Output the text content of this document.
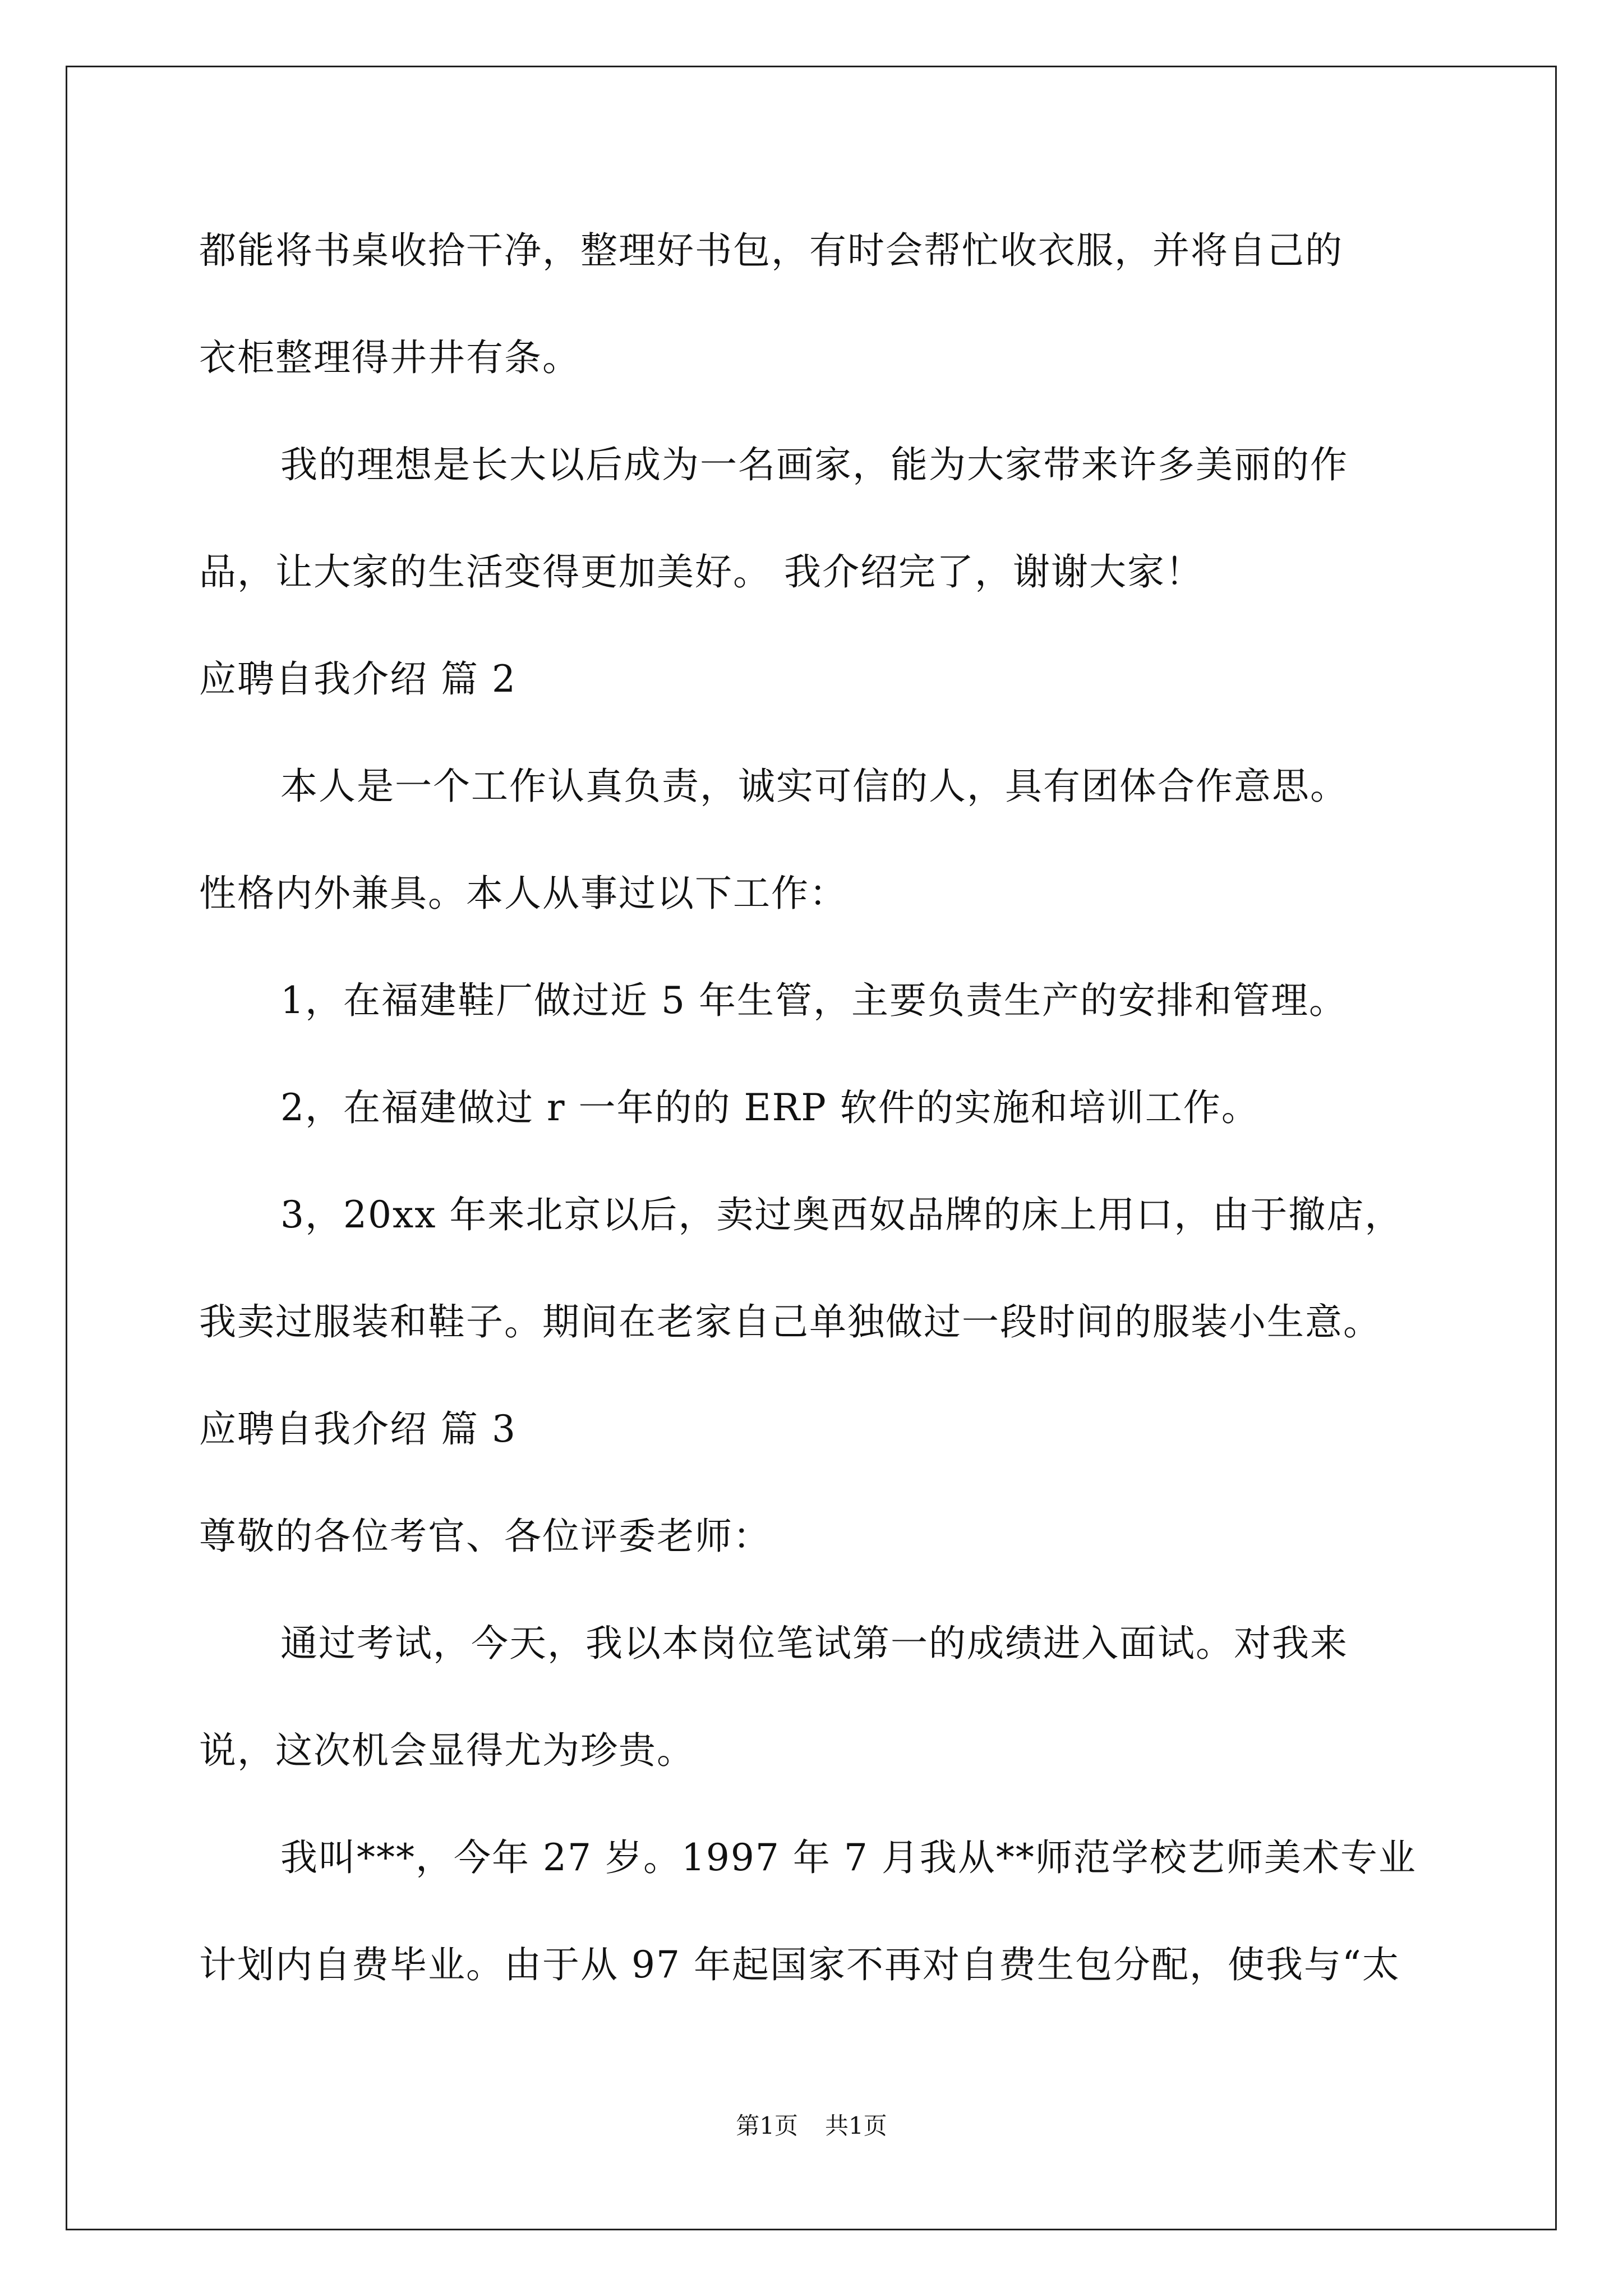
都能将书桌收拾干净，整理好书包，有时会帮忙收衣服，并将自己的
衣柜整理得井井有条。
我的理想是长大以后成为一名画家，能为大家带来许多美丽的作
品，让大家的生活变得更加美好。 我介绍完了，谢谢大家！
应聘自我介绍 篇 2
本人是一个工作认真负责，诚实可信的人，具有团体合作意思。
性格内外兼具。本人从事过以下工作：
1，在福建鞋厂做过近 5 年生管，主要负责生产的安排和管理。
2，在福建做过 r 一年的的 ERP 软件的实施和培训工作。
3，20xx 年来北京以后，卖过奥西奴品牌的床上用口，由于撤店，
我卖过服装和鞋子。期间在老家自己单独做过一段时间的服装小生意。
应聘自我介绍 篇 3
尊敬的各位考官、各位评委老师：
通过考试，今天，我以本岗位笔试第一的成绩进入面试。对我来
说，这次机会显得尤为珍贵。
我叫***，今年 27 岁。1997 年 7 月我从**师范学校艺师美术专业
计划内自费毕业。由于从 97 年起国家不再对自费生包分配，使我与“太
第1页 共1页
